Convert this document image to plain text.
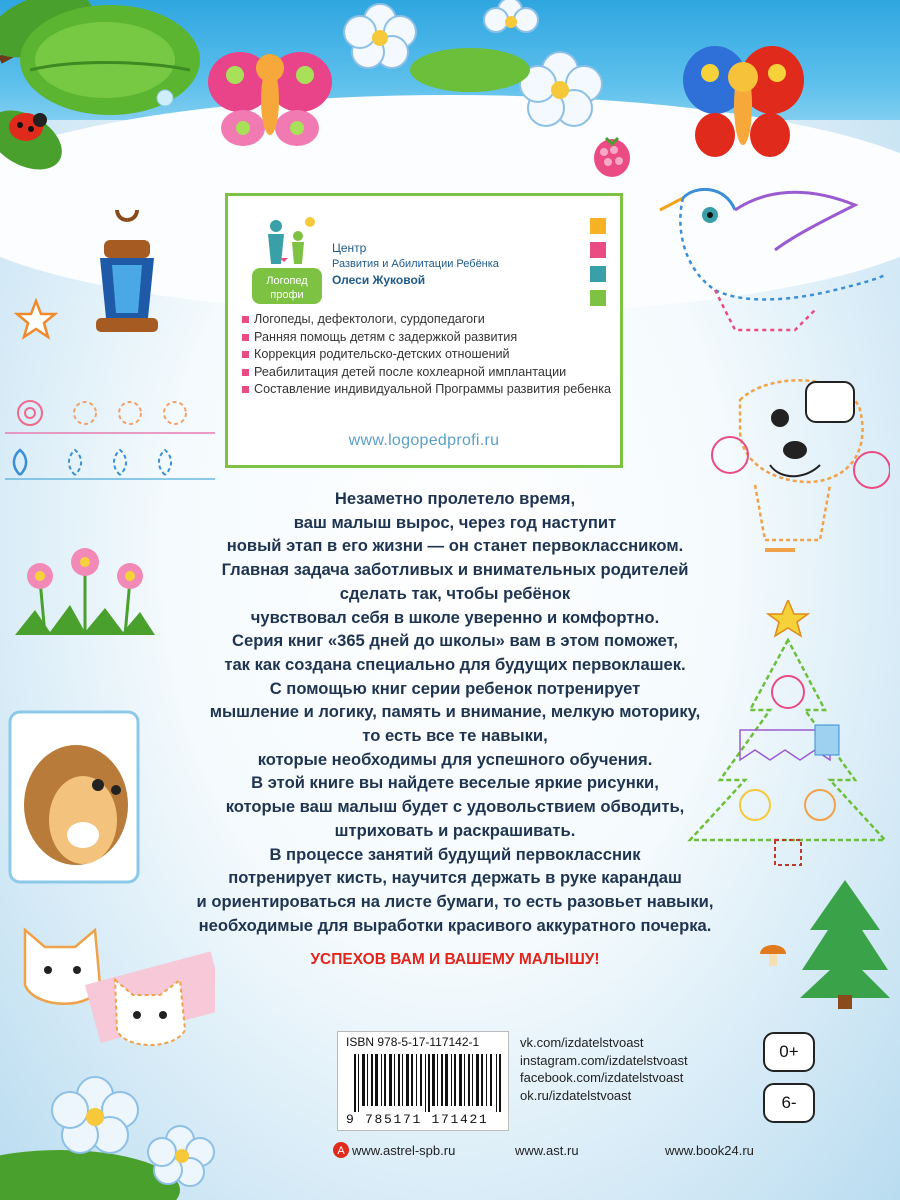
Логопед
профи
Центр
Развития и Абилитации Ребёнка
Олеси Жуковой
Логопеды, дефектологи, сурдопедагоги
Ранняя помощь детям с задержкой развития
Коррекция родительско-детских отношений
Реабилитация детей после кохлеарной имплантации
Составление индивидуальной Программы развития ребенка
www.logopedprofi.ru
Незаметно пролетело время,
ваш малыш вырос, через год наступит
новый этап в его жизни — он станет первоклассником.
Главная задача заботливых и внимательных родителей
сделать так, чтобы ребёнок
чувствовал себя в школе уверенно и комфортно.
Серия книг «365 дней до школы» вам в этом поможет,
так как создана специально для будущих первоклашек.
С помощью книг серии ребенок потренирует
мышление и логику, память и внимание, мелкую моторику,
то есть все те навыки,
которые необходимы для успешного обучения.
В этой книге вы найдете веселые яркие рисунки,
которые ваш малыш будет с удовольствием обводить,
штриховать и раскрашивать.
В процессе занятий будущий первоклассник
потренирует кисть, научится держать в руке карандаш
и ориентироваться на листе бумаги, то есть разовьет навыки,
необходимые для выработки красивого аккуратного почерка.
УСПЕХОВ ВАМ И ВАШЕМУ МАЛЫШУ!
ISBN 978-5-17-117142-1
9 785171 171421
vk.com/izdatelstvoast
instagram.com/izdatelstvoast
facebook.com/izdatelstvoast
ok.ru/izdatelstvoast
0+
6-
А www.astrel-spb.ru	www.ast.ru	www.book24.ru
